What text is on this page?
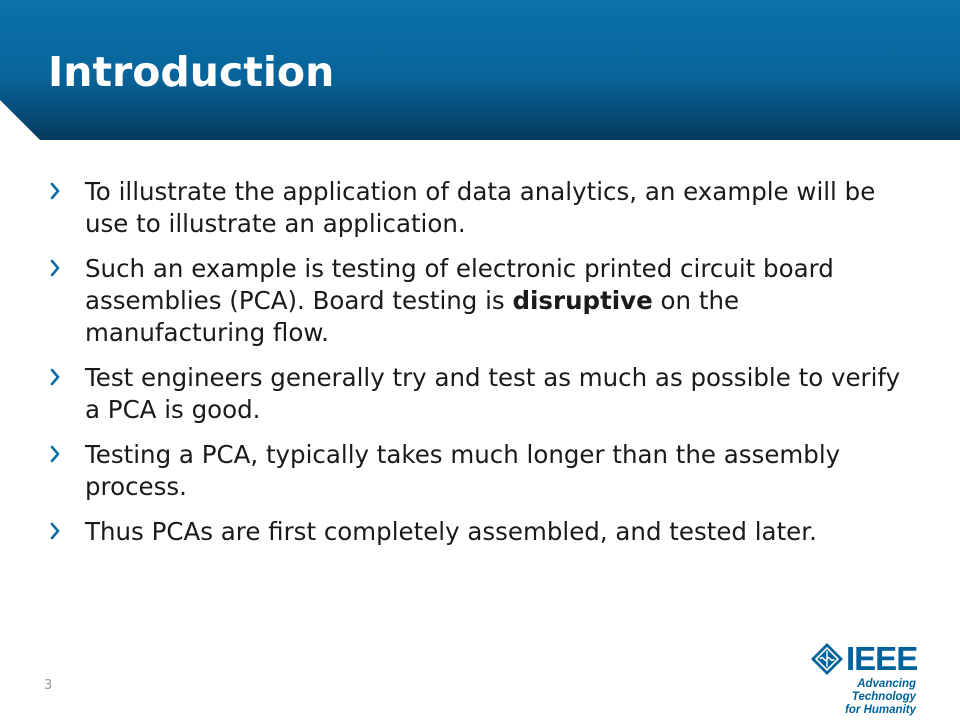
Introduction
To illustrate the application of data analytics, an example will be use to illustrate an application.
Such an example is testing of electronic printed circuit board assemblies (PCA). Board testing is disruptive on the manufacturing flow.
Test engineers generally try and test as much as possible to verify a PCA is good.
Testing a PCA, typically takes much longer than the assembly process.
Thus PCAs are first completely assembled, and tested later.
3
IEEE
Advancing Technology
for Humanity
